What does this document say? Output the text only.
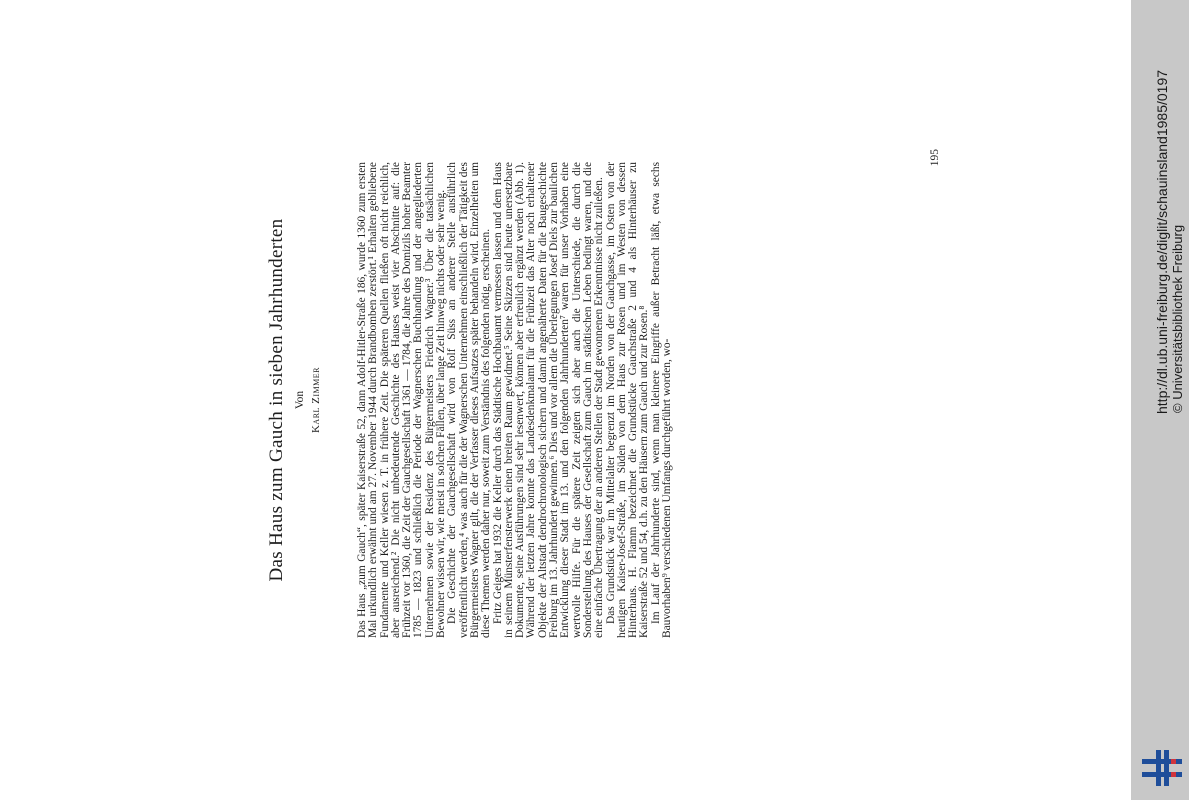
Das Haus zum Gauch in sieben Jahrhunderten Von Karl Zimmer	Das Haus „zum Gauch“, später Kaiserstraße 52, dann Adolf-Hitler-Straße 186, wurde 1360 zum ersten Mal urkundlich erwähnt und am 27. November 1944 durch Brandbomben zerstört.¹ Erhalten gebliebene Fundamente und Keller wiesen z. T. in frühere Zeit. Die späteren Quellen fließen oft nicht reichlich, aber ausreichend.² Die nicht unbedeutende Geschichte des Hauses weist vier Abschnitte auf: die Frühzeit vor 1360, die Zeit der Gauchgesellschaft 1361 — 1784, die Jahre des Domizils hoher Beamter 1785 — 1823 und schließlich die Periode der Wagnerschen Buchhandlung und der angegliederten Unternehmen sowie der Residenz des Bürgermeisters Friedrich Wagner.³ Über die tatsächlichen Bewohner wissen wir, wie meist in solchen Fällen, über lange Zeit hinweg nichts oder sehr wenig. Die Geschichte der Gauchgesellschaft wird von Rolf Süss an anderer Stelle ausführlich veröffentlicht werden,⁴ was auch für die der Wagnerschen Unternehmen einschließlich der Tätigkeit des Bürgermeisters Wagner gilt, die der Verfasser dieses Aufsatzes später behandeln wird. Einzelheiten um diese Themen werden daher nur, soweit zum Verständnis des folgenden nötig, erscheinen. Fritz Geiges hat 1932 die Keller durch das Städtische Hochbauamt vermessen lassen und dem Haus in seinem Münsterfensterwerk einen breiten Raum gewidmet.⁵ Seine Skizzen sind heute unersetzbare Dokumente, seine Ausführungen sind sehr lesenwert, können aber erfreulich ergänzt werden (Abb. 1). Während der letzten Jahre konnte das Landesdenkmalamt für die Frühzeit das Alter noch erhaltener Objekte der Altstadt dendrochronologisch sichern und damit angenäherte Daten für die Baugeschichte Freiburg im 13. Jahrhundert gewinnen.⁶ Dies und vor allem die Überlegungen Josef Diels zur baulichen Entwicklung dieser Stadt im 13. und den folgenden Jahrhunderten⁷ waren für unser Vorhaben eine wertvolle Hilfe. Für die spätere Zeit zeigten sich aber auch die Unterschiede, die durch die Sonderstellung des Hauses der Gesellschaft zum Gauch im städtischen Leben bedingt waren, und die eine einfache Übertragung der an anderen Stellen der Stadt gewonnenen Erkenntnisse nicht zuließen. Das Grundstück war im Mittelalter begrenzt im Norden von der Gauchgasse, im Osten von der heutigen Kaiser-Josef-Straße, im Süden von dem Haus zur Rosen und im Westen von dessen Hinterhaus. H. Flamm bezeichnet die Grundstücke Gauchstraße 2 und 4 als Hinterhäuser zu Kaiserstraße 52 und 54, d.h. zu den Häusern zum Gauch und zur Rosen.⁸ Im Lauf der Jahrhunderte sind, wenn man kleinere Eingriffe außer Betracht läßt, etwa sechs Bauvorhaben⁹ verschiedenen Umfangs durchgeführt worden, wo-

195	http://dl.ub.uni-freiburg.de/diglit/schauinsland1985/0197 © Universitätsbibliothek Freiburg
